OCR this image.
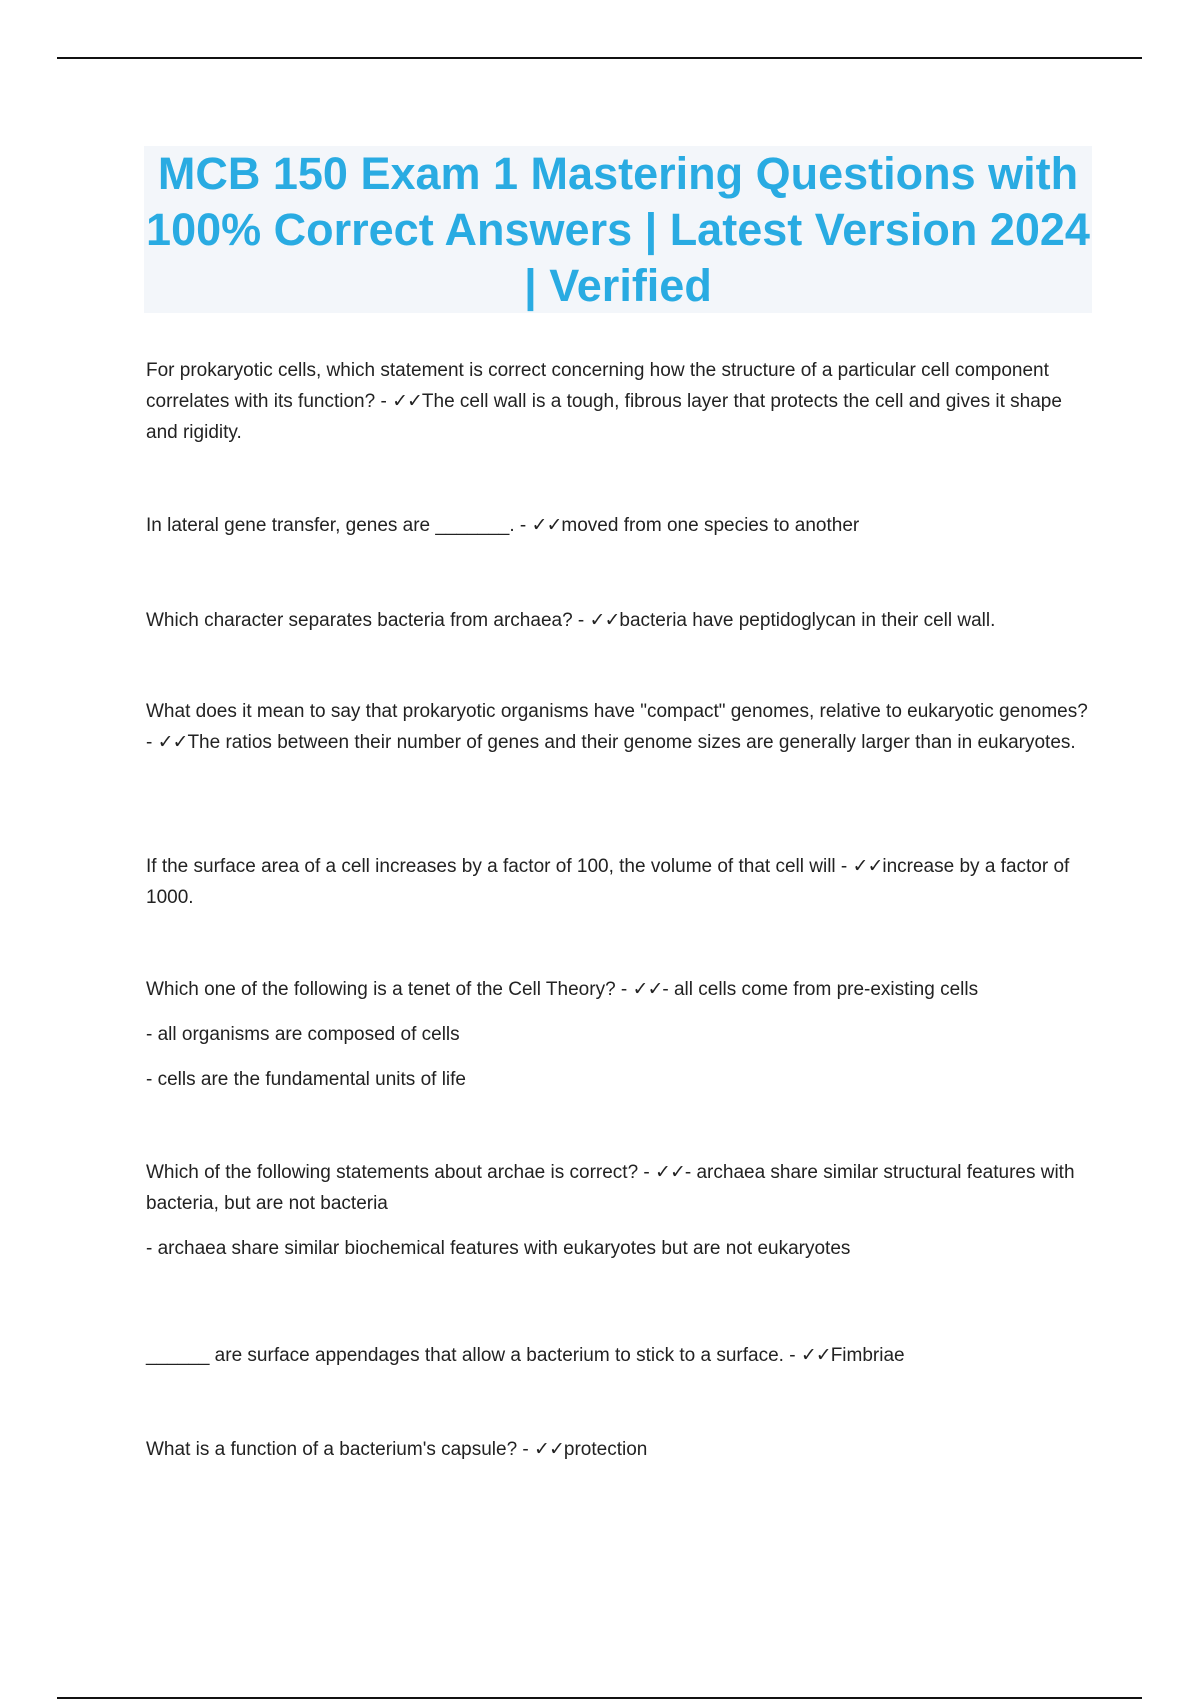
MCB 150 Exam 1 Mastering Questions with 100% Correct Answers | Latest Version 2024 | Verified

For prokaryotic cells, which statement is correct concerning how the structure of a particular cell component correlates with its function? - ✓✓The cell wall is a tough, fibrous layer that protects the cell and gives it shape and rigidity.

In lateral gene transfer, genes are _______. - ✓✓moved from one species to another

Which character separates bacteria from archaea? - ✓✓bacteria have peptidoglycan in their cell wall.

What does it mean to say that prokaryotic organisms have "compact" genomes, relative to eukaryotic genomes? - ✓✓The ratios between their number of genes and their genome sizes are generally larger than in eukaryotes.

If the surface area of a cell increases by a factor of 100, the volume of that cell will - ✓✓increase by a factor of 1000.

Which one of the following is a tenet of the Cell Theory? - ✓✓- all cells come from pre-existing cells

- all organisms are composed of cells

- cells are the fundamental units of life

Which of the following statements about archae is correct? - ✓✓- archaea share similar structural features with bacteria, but are not bacteria

- archaea share similar biochemical features with eukaryotes but are not eukaryotes

______ are surface appendages that allow a bacterium to stick to a surface. - ✓✓Fimbriae

What is a function of a bacterium's capsule? - ✓✓protection
